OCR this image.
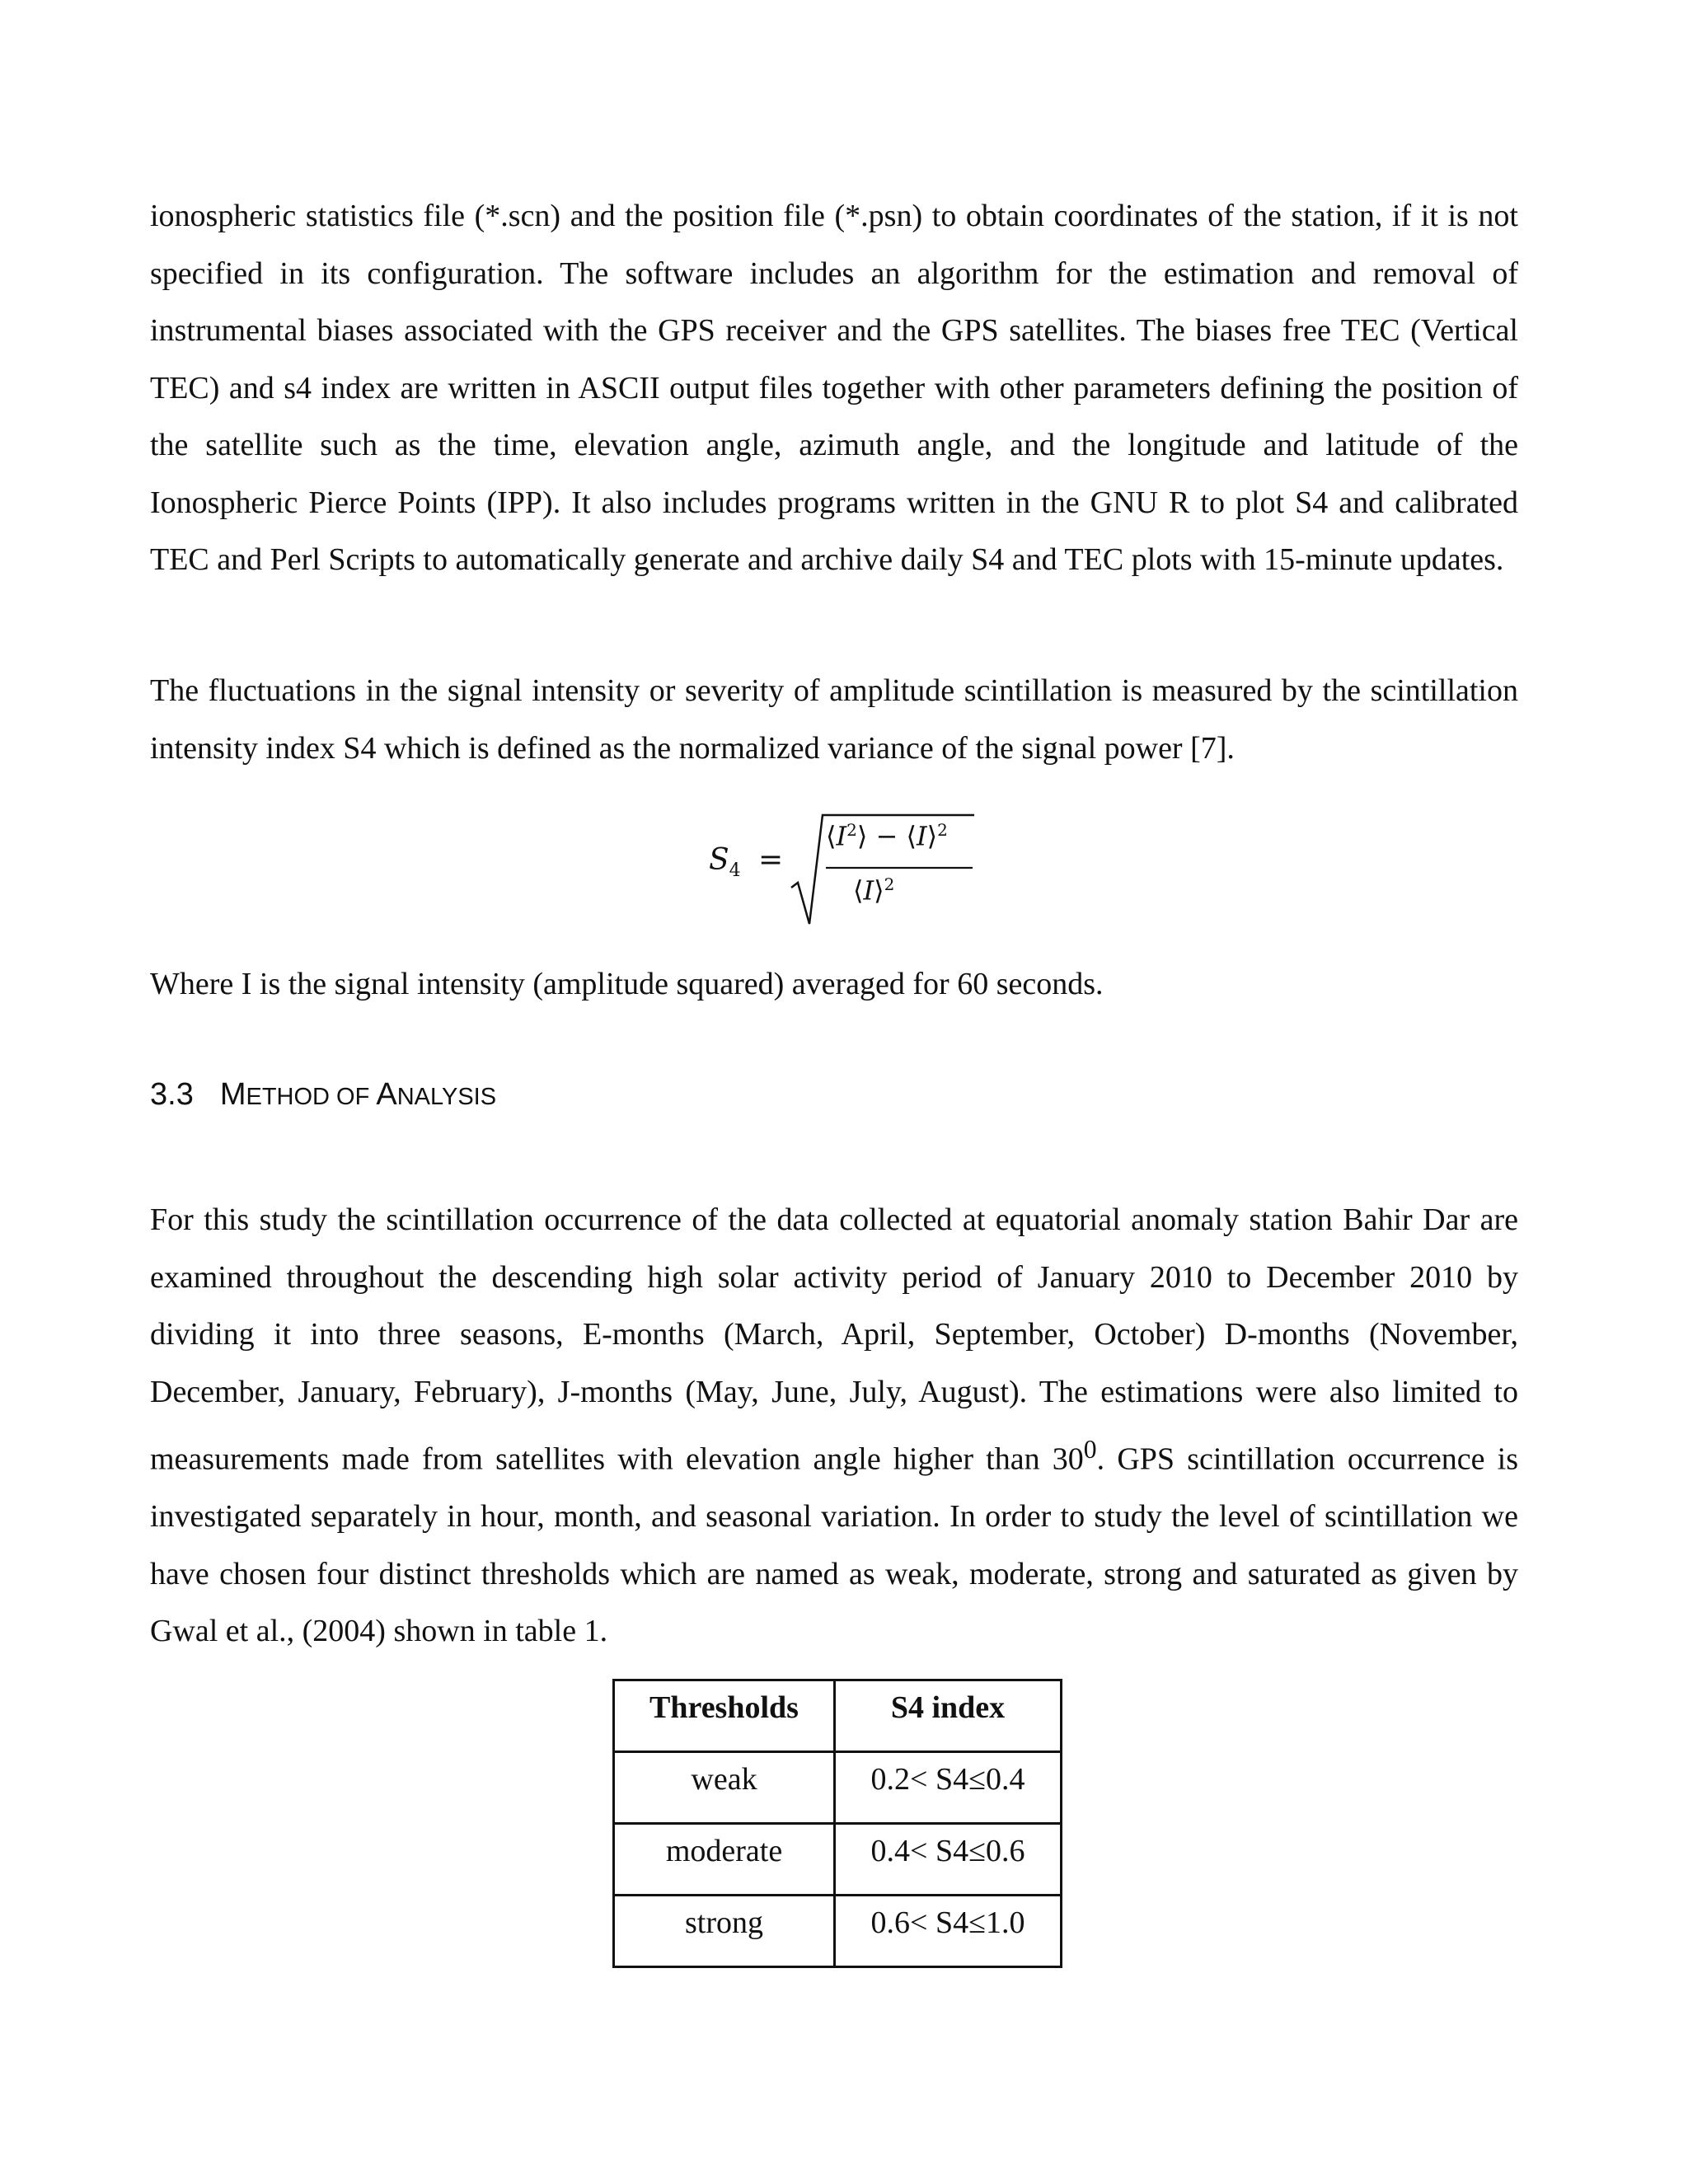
ionospheric statistics file (*.scn) and the position file (*.psn) to obtain coordinates of the station, if it is not specified in its configuration. The software includes an algorithm for the estimation and removal of instrumental biases associated with the GPS receiver and the GPS satellites. The biases free TEC (Vertical TEC) and s4 index are written in ASCII output files together with other parameters defining the position of the satellite such as the time, elevation angle, azimuth angle, and the longitude and latitude of the Ionospheric Pierce Points (IPP). It also includes programs written in the GNU R to plot S4 and calibrated TEC and Perl Scripts to automatically generate and archive daily S4 and TEC plots with 15-minute updates.

The fluctuations in the signal intensity or severity of amplitude scintillation is measured by the scintillation intensity index S4 which is defined as the normalized variance of the signal power [7].

$S_4$ =
$⟨I^2⟩$ − ⟨I⟩$^2$
⟨I⟩$^2$

Where I is the signal intensity (amplitude squared) averaged for 60 seconds.

3.3 METHOD OF ANALYSIS

For this study the scintillation occurrence of the data collected at equatorial anomaly station Bahir Dar are examined throughout the descending high solar activity period of January 2010 to December 2010 by dividing it into three seasons, E-months (March, April, September, October) D-months (November, December, January, February), J-months (May, June, July, August). The estimations were also limited to measurements made from satellites with elevation angle higher than $30^0$. GPS scintillation occurrence is investigated separately in hour, month, and seasonal variation. In order to study the level of scintillation we have chosen four distinct thresholds which are named as weak, moderate, strong and saturated as given by Gwal et al., (2004) shown in table 1.

Thresholds	S4 index
weak	0.2< S4≤0.4
moderate	0.4< S4≤0.6
strong	0.6< S4≤1.0
